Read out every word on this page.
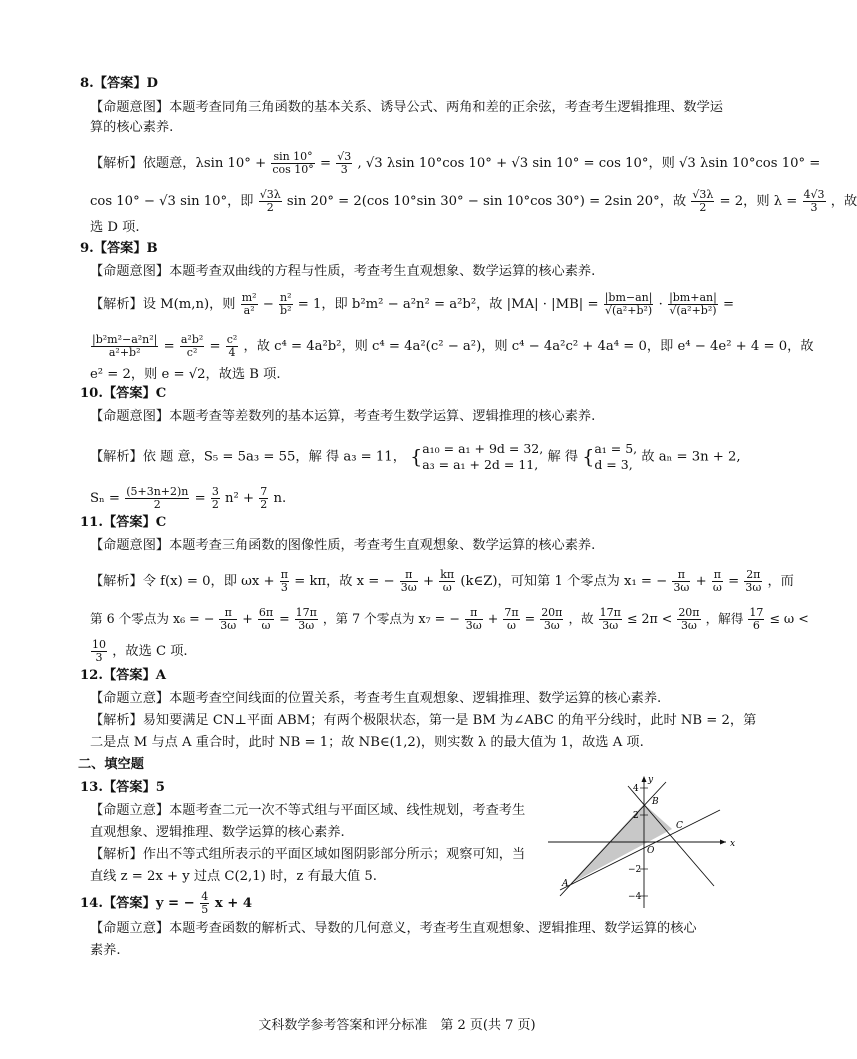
8.【答案】D
【命题意图】本题考查同角三角函数的基本关系、诱导公式、两角和差的正余弦，考查考生逻辑推理、数学运
算的核心素养.
【解析】依题意，λsin $10^\circ + \frac{\sin 10^\circ}{\cos 10^\circ} = \frac{√3}{3}$ , √3 λsin 10°cos 10° + √3 sin 10° = cos 10°，则 √3 λsin 10°cos 10° =
cos 10° − √3 sin 10°，即 $\frac{√3\lambda}{2}$ sin 20° = 2(cos 10°sin 30° − sin 10°cos 30°) = 2sin 20°，故 $\frac{√3\lambda}{2} = 2$，则 $\lambda = \frac{4√3}{3}$ ，故
选 D 项.
9.【答案】B
【命题意图】本题考查双曲线的方程与性质，考查考生直观想象、数学运算的核心素养.
【解析】设 M(m,n)，则 $\frac{\text{m²}}{\text{a²}} - \frac{\text{n²}}{\text{b²}} = 1$，即 b²m² − a²n² = a²b²，故 $|MA| \cdot |MB| = \frac{|bm-an|}{\text{√(a²+b²)}} \cdot \frac{|bm+an|}{\text{√(a²+b²)}}$ =
$\frac{\text{|b²m²−a²n²|}}{\text{a²+b²}} = \frac{\text{a²b²}}{\text{c²}} = \frac{\text{c²}}{4}$ ，故 c⁴ = 4a²b²，则 c⁴ = 4a²(c² − a²)，则 c⁴ − 4a²c² + 4a⁴ = 0，即 e⁴ − 4e² + 4 = 0，故
e² = 2，则 e = √2，故选 B 项.
10.【答案】C
【命题意图】本题考查等差数列的基本运算，考查考生数学运算、逻辑推理的核心素养.
【解析】依 题 意，S₅ = 5a₃ = 55，解 得 a₃ = 11， { a₁₀ = a₁ + 9d = 32,
a₃ = a₁ + 2d = 11, 解 得 { a₁ = 5,
d = 3, 故 aₙ = 3n + 2,
$S_n = \frac{(5+3n+2)n}{2} = \frac{3}{2} n^2 + \frac{7}{2} n$.
11.【答案】C
【命题意图】本题考查三角函数的图像性质，考查考生直观想象、数学运算的核心素养.
【解析】令 f(x) = 0，即 $\omega x + \frac{\pi}{3} = k\pi$，故 x = − $\frac{\pi}{3\omega} + \frac{k\pi}{\omega}$ (k∈Z)，可知第 1 个零点为 x₁ = − $\frac{\pi}{3\omega} + \frac{\pi}{\omega} = \frac{2\pi}{3\omega}$ ，而
第 6 个零点为 x₆ = − $\frac{\pi}{3\omega} + \frac{6\pi}{\omega} = \frac{17\pi}{3\omega}$ ，第 7 个零点为 x₇ = − $\frac{\pi}{3\omega} + \frac{7\pi}{\omega} = \frac{20\pi}{3\omega}$ ，故 $\frac{17\pi}{3\omega} \le 2\pi < \frac{20\pi}{3\omega}$ ，解得 $\frac{17}{6} \le \omega$ <
$\frac{10}{3}$ ，故选 C 项.
12.【答案】A
【命题立意】本题考查空间线面的位置关系，考查考生直观想象、逻辑推理、数学运算的核心素养.
【解析】易知要满足 CN⊥平面 ABM；有两个极限状态，第一是 BM 为∠ABC 的角平分线时，此时 NB = 2，第
二是点 M 与点 A 重合时，此时 NB = 1；故 NB∈(1,2)，则实数 λ 的最大值为 1，故选 A 项.
二、填空题
13.【答案】5
【命题立意】本题考查二元一次不等式组与平面区域、线性规划，考查考生
直观想象、逻辑推理、数学运算的核心素养.
【解析】作出不等式组所表示的平面区域如图阴影部分所示；观察可知，当
直线 z = 2x + y 过点 C(2,1) 时，z 有最大值 5.
y
x
4
2
−2
−4
O
A
B
C
14.【答案】y = − $\frac{4}{5}$ x + 4
【命题立意】本题考查函数的解析式、导数的几何意义，考查考生直观想象、逻辑推理、数学运算的核心
素养.
文科数学参考答案和评分标准　第 2 页(共 7 页)
